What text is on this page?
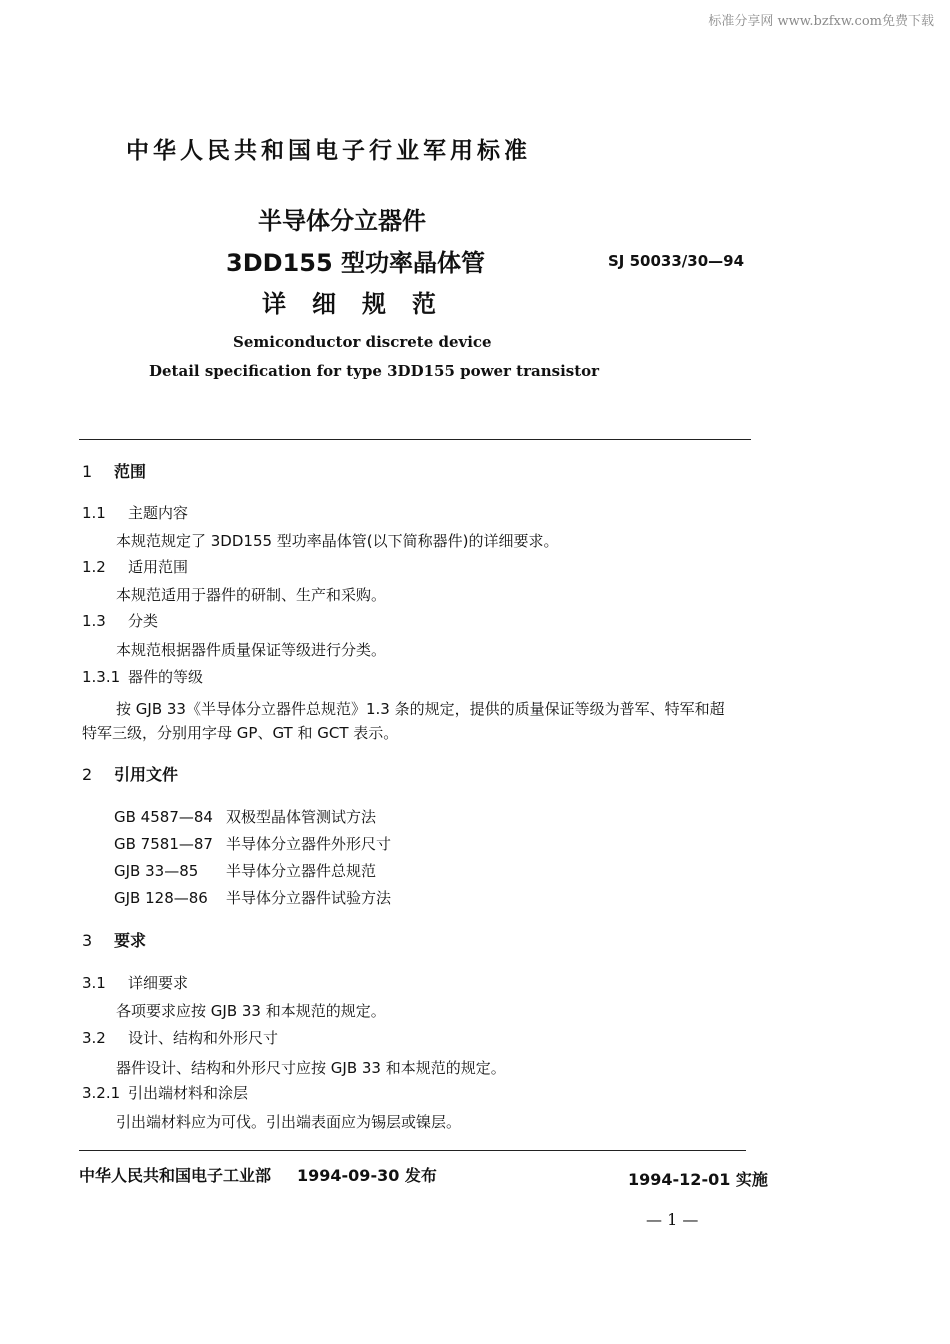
标准分享网 www.bzfxw.com免费下载
中华人民共和国电子行业军用标准
半导体分立器件
3DD155 型功率晶体管
详细规范
SJ 50033/30—94
Semiconductor discrete device
Detail specification for type 3DD155 power transistor
1 范围
1.1 主题内容
本规范规定了 3DD155 型功率晶体管(以下简称器件)的详细要求。
1.2 适用范围
本规范适用于器件的研制、生产和采购。
1.3 分类
本规范根据器件质量保证等级进行分类。
1.3.1 器件的等级
按 GJB 33《半导体分立器件总规范》1.3 条的规定，提供的质量保证等级为普军、特军和超
特军三级，分别用字母 GP、GT 和 GCT 表示。
2 引用文件
GB 4587—84 双极型晶体管测试方法
GB 7581—87 半导体分立器件外形尺寸
GJB 33—85 半导体分立器件总规范
GJB 128—86 半导体分立器件试验方法
3 要求
3.1 详细要求
各项要求应按 GJB 33 和本规范的规定。
3.2 设计、结构和外形尺寸
器件设计、结构和外形尺寸应按 GJB 33 和本规范的规定。
3.2.1 引出端材料和涂层
引出端材料应为可伐。引出端表面应为锡层或镍层。
中华人民共和国电子工业部 1994-09-30 发布	1994-12-01 实施
— 1 —
